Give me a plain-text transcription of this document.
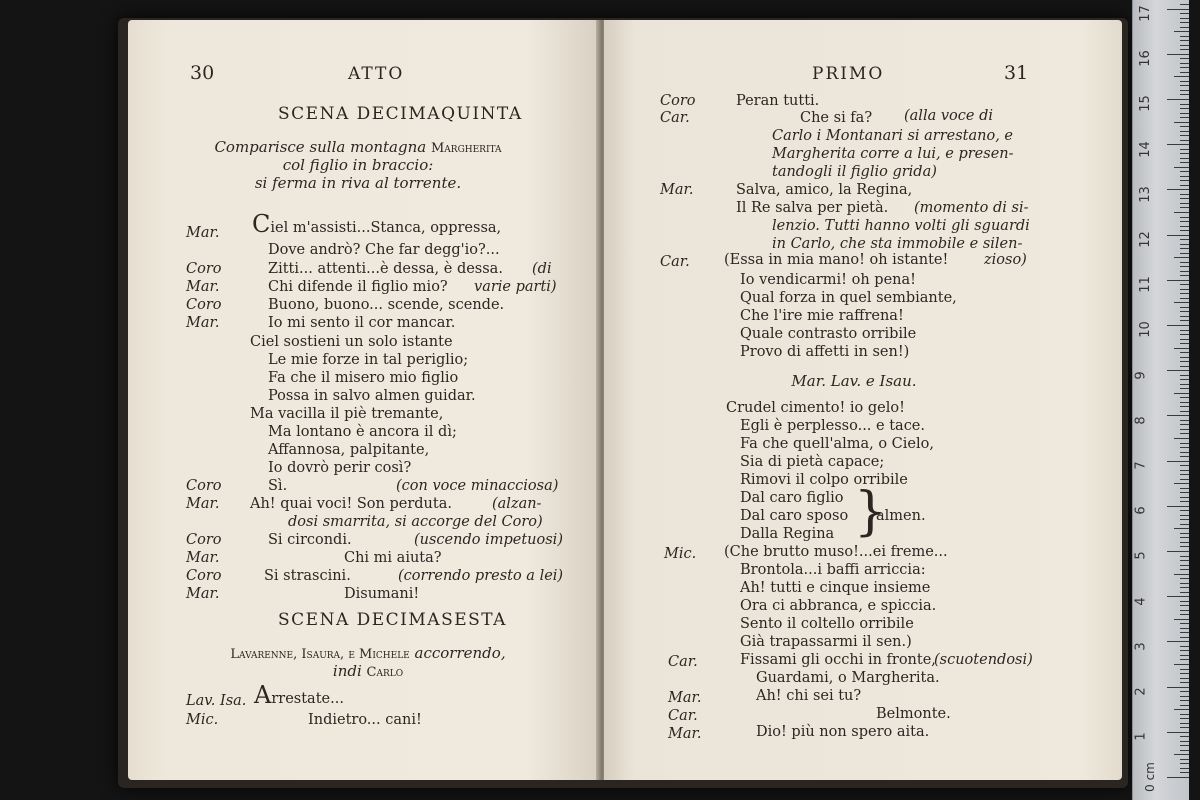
30	ATTO
SCENA DECIMAQUINTA
Comparisce sulla montagna Margherita
col figlio in braccio:
si ferma in riva al torrente.
Mar. Ciel m'assisti...Stanca, oppressa,
Dove andrò? Che far degg'io?...
Coro	Zitti... attenti...è dessa, è dessa. (di
Mar.	Chi difende il figlio mio? varie parti)
Coro	Buono, buono... scende, scende.
Mar.	Io mi sento il cor mancar.
Ciel sostieni un solo istante
Le mie forze in tal periglio;
Fa che il misero mio figlio
Possa in salvo almen guidar.
Ma vacilla il piè tremante,
Ma lontano è ancora il dì;
Affannosa, palpitante,
Io dovrò perir così?
Coro	Sì.	(con voce minacciosa)
Mar. Ah! quai voci! Son perduta.	(alzan-
dosi smarrita, si accorge del Coro)
Coro	Si circondi.	(uscendo impetuosi)
Mar.	Chi mi aiuta?
Coro	Si strascini.	(correndo presto a lei)
Mar.	Disumani!
SCENA DECIMASESTA
Lavarenne, Isaura, e Michele accorrendo,
indi Carlo
Lav. Isa. Arrestate...
Mic.	Indietro... cani!
PRIMO	31
Coro	Peran tutti.
Car.	Che si fa? (alla voce di
Carlo i Montanari si arrestano, e
Margherita corre a lui, e presen-
tandogli il figlio grida)
Mar.	Salva, amico, la Regina,
Il Re salva per pietà. (momento di si-
lenzio. Tutti hanno volti gli sguardi
in Carlo, che sta immobile e silen-
Car. (Essa in mia mano! oh istante! zioso)
Io vendicarmi! oh pena!
Qual forza in quel sembiante,
Che l'ire mie raffrena!
Quale contrasto orribile
Provo di affetti in sen!)
Mar. Lav. e Isau.
Crudel cimento! io gelo!
Egli è perplesso... e tace.
Fa che quell'alma, o Cielo,
Sia di pietà capace;
Rimovi il colpo orribile
Dal caro figlio
Dal caro sposo
Dalla Regina }
almen.
Mic. (Che brutto muso!...ei freme...
Brontola...i baffi arriccia:
Ah! tutti e cinque insieme
Ora ci abbranca, e spiccia.
Sento il coltello orribile
Già trapassarmi il sen.)
Car.	Fissami gli occhi in fronte,
(scuotendosi)
Guardami, o Margherita.
Mar.	Ah! chi sei tu?
Car.	Belmonte.
Mar.	Dio! più non spero aita.
0 cm
17
16
15
14
13
12
11
10
9
8
7
6
5
4
3
2
1
